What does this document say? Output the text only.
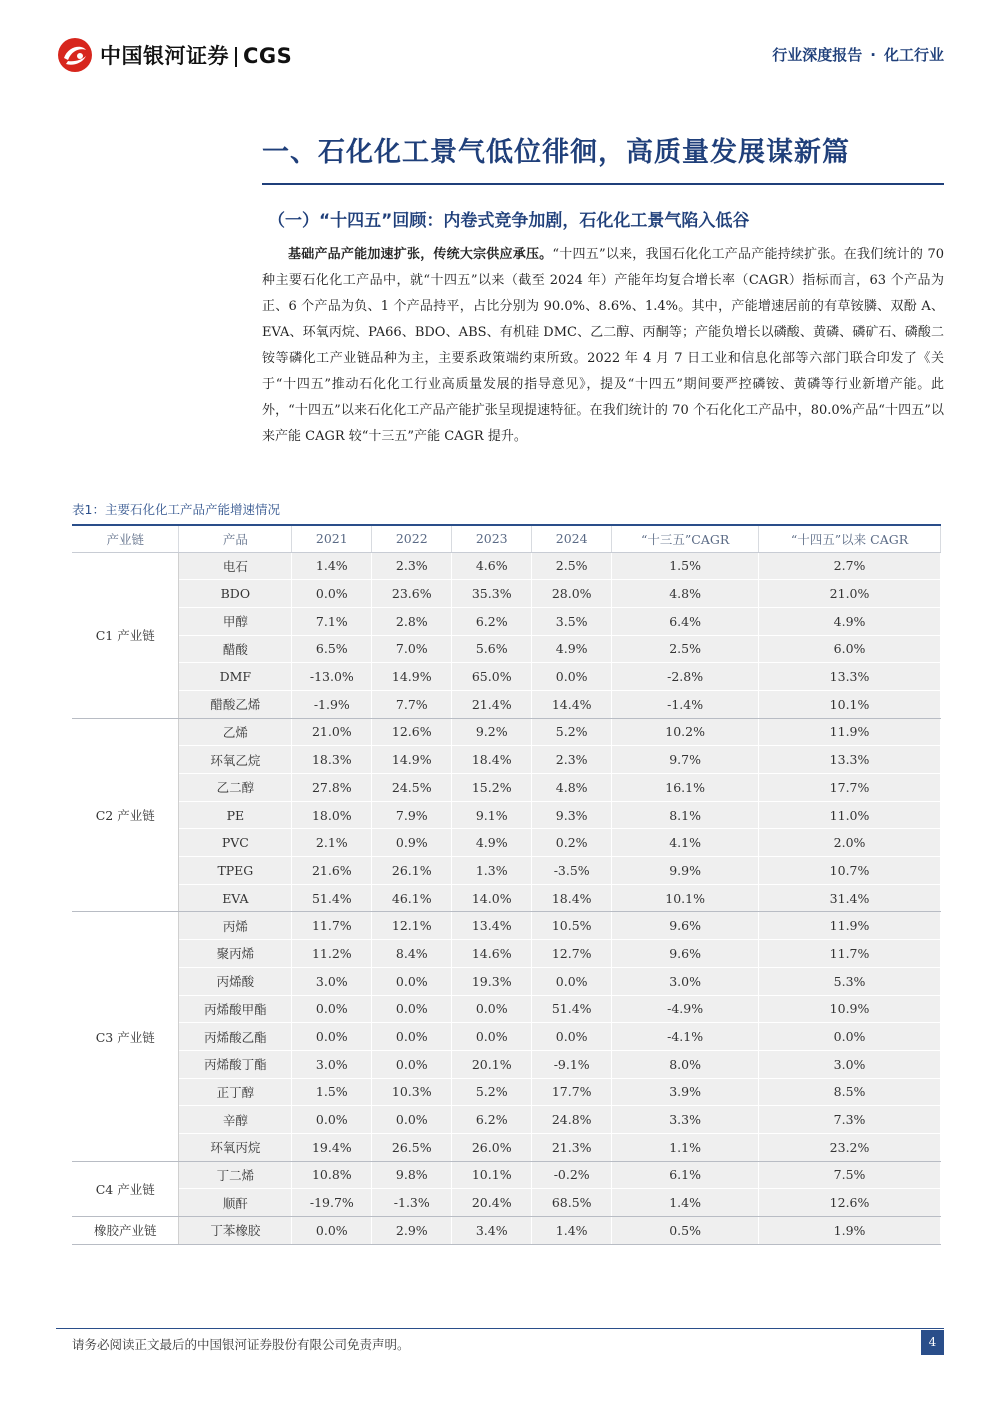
中国银河证券 CGS	行业深度报告 · 化工行业
一、石化化工景气低位徘徊，高质量发展谋新篇
（一）“十四五”回顾：内卷式竞争加剧，石化化工景气陷入低谷

基础产品产能加速扩张，传统大宗供应承压。“十四五”以来，我国石化化工产品产能持续扩张。在我们统计的 70 种主要石化化工产品中，就“十四五”以来（截至 2024 年）产能年均复合增长率（CAGR）指标而言，63 个产品为正、6 个产品为负、1 个产品持平，占比分别为 90.0%、8.6%、1.4%。其中，产能增速居前的有草铵膦、双酚 A、EVA、环氧丙烷、PA66、BDO、ABS、有机硅 DMC、乙二醇、丙酮等；产能负增长以磷酸、黄磷、磷矿石、磷酸二铵等磷化工产业链品种为主，主要系政策端约束所致。2022 年 4 月 7 日工业和信息化部等六部门联合印发了《关于“十四五”推动石化化工行业高质量发展的指导意见》，提及“十四五”期间要严控磷铵、黄磷等行业新增产能。此外，“十四五”以来石化化工产品产能扩张呈现提速特征。在我们统计的 70 个石化化工产品中，80.0%产品“十四五”以来产能 CAGR 较“十三五”产能 CAGR 提升。

表1：主要石化化工产品产能增速情况
产业链	产品	2021	2022	2023	2024	“十三五”CAGR	“十四五”以来 CAGR
C1 产业链	电石	1.4%	2.3%	4.6%	2.5%	1.5%	2.7%
	BDO	0.0%	23.6%	35.3%	28.0%	4.8%	21.0%
	甲醇	7.1%	2.8%	6.2%	3.5%	6.4%	4.9%
	醋酸	6.5%	7.0%	5.6%	4.9%	2.5%	6.0%
	DMF	-13.0%	14.9%	65.0%	0.0%	-2.8%	13.3%
	醋酸乙烯	-1.9%	7.7%	21.4%	14.4%	-1.4%	10.1%
C2 产业链	乙烯	21.0%	12.6%	9.2%	5.2%	10.2%	11.9%
	环氧乙烷	18.3%	14.9%	18.4%	2.3%	9.7%	13.3%
	乙二醇	27.8%	24.5%	15.2%	4.8%	16.1%	17.7%
	PE	18.0%	7.9%	9.1%	9.3%	8.1%	11.0%
	PVC	2.1%	0.9%	4.9%	0.2%	4.1%	2.0%
	TPEG	21.6%	26.1%	1.3%	-3.5%	9.9%	10.7%
	EVA	51.4%	46.1%	14.0%	18.4%	10.1%	31.4%
C3 产业链	丙烯	11.7%	12.1%	13.4%	10.5%	9.6%	11.9%
	聚丙烯	11.2%	8.4%	14.6%	12.7%	9.6%	11.7%
	丙烯酸	3.0%	0.0%	19.3%	0.0%	3.0%	5.3%
	丙烯酸甲酯	0.0%	0.0%	0.0%	51.4%	-4.9%	10.9%
	丙烯酸乙酯	0.0%	0.0%	0.0%	0.0%	-4.1%	0.0%
	丙烯酸丁酯	3.0%	0.0%	20.1%	-9.1%	8.0%	3.0%
	正丁醇	1.5%	10.3%	5.2%	17.7%	3.9%	8.5%
	辛醇	0.0%	0.0%	6.2%	24.8%	3.3%	7.3%
	环氧丙烷	19.4%	26.5%	26.0%	21.3%	1.1%	23.2%
C4 产业链	丁二烯	10.8%	9.8%	10.1%	-0.2%	6.1%	7.5%
	顺酐	-19.7%	-1.3%	20.4%	68.5%	1.4%	12.6%
橡胶产业链	丁苯橡胶	0.0%	2.9%	3.4%	1.4%	0.5%	1.9%
请务必阅读正文最后的中国银河证券股份有限公司免责声明。	4
